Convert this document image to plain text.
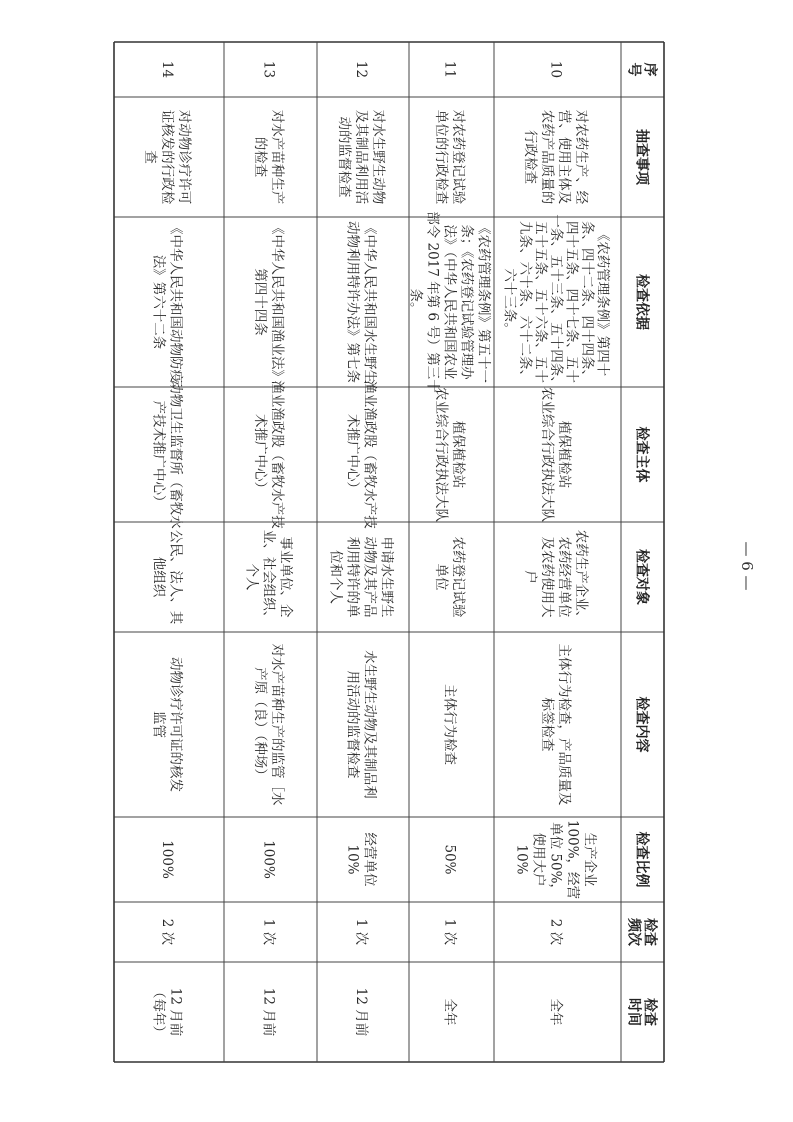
序号
抽查事项
检查依据
检查主体
检查对象
检查内容
检查比例
检查频次
检查时间
10
对农药生产、经营、使用主体及农药产品质量的行政检查
《农药管理条例》第四十条、四十二条、四十四条、四十五条、四十七条、五十一条、五十三条、五十四条、五十五条、五十六条、五十九条、六十条、六十二条、六十三条。
植保植检站农业综合行政执法大队
农药生产企业、农药经营单位及农药使用大户
主体行为检查，产品质量及标签检查
生产企业100%，经营单位 50%，使用大户10%
2 次
全年
11
对农药登记试验单位的行政检查
《农药管理条例》第五十一条；《农药登记试验管理办法》（中华人民共和国农业部令 2017 年第 6 号）第三十条。
植保植检站农业综合行政执法大队
农药登记试验单位
主体行为检查
50%
1 次
全年
12
对水生野生动物及其制品利用活动的监督检查
《中华人民共和国水生野生动物利用特许办法》第七条
渔业渔政股（畜牧水产技术推广中心）
申请水生野生动物及其产品利用特许的单位和个人
水生野生动物及其制品利用活动的监督检查
经营单位10%
1 次
12 月前
13
对水产苗种生产的检查
《中华人民共和国渔业法》第四十四条
渔业渔政股（畜牧水产技术推广中心）
事业单位、企业、社会组织、个人
对水产苗种生产的监管［水产原（良）（种场）
100%
1 次
12 月前
14
对动物诊疗许可证核发的行政检查
《中华人民共和国动物防疫法》第六十二条
动物卫生监督所（畜牧水产技术推广中心）
公民、法人、其他组织
动物诊疗许可证的核发监管
100%
2 次
12 月前（每年）
— 6 —
